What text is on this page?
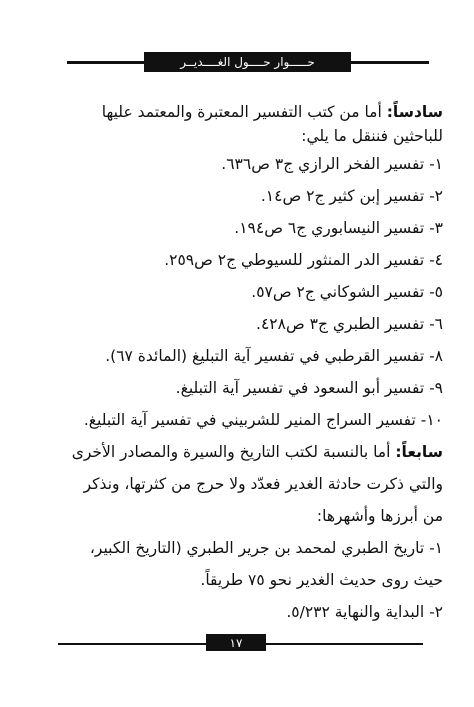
حـــــوار حــــول الغــــديــر

سادساً: أما من كتب التفسير المعتبرة والمعتمد عليها

للباحثين فننقل ما يلي:

١- تفسير الفخر الرازي ج٣ ص٦٣٦.

٢- تفسير إبن كثير ج٢ ص١٤.

٣- تفسير النيسابوري ج٦ ص١٩٤.

٤- تفسير الدر المنثور للسيوطي ج٢ ص٢٥٩.

٥- تفسير الشوكاني ج٢ ص٥٧.

٦- تفسير الطبري ج٣ ص٤٢٨.

٨- تفسير القرطبي في تفسير آية التبليغ (المائدة ٦٧).

٩- تفسير أبو السعود في تفسير آية التبليغ.

١٠- تفسير السراج المنير للشربيني في تفسير آية التبليغ.

سابعاً: أما بالنسبة لكتب التاريخ والسيرة والمصادر الأخرى

والتي ذكرت حادثة الغدير فعدّد ولا حرج من كثرتها، ونذكر

من أبرزها وأشهرها:

١- تاريخ الطبري لمحمد بن جرير الطبري (التاريخ الكبير،

حيث روى حديث الغدير نحو ٧٥ طريقاً.

٢- البداية والنهاية ٥/٢٣٢.

١٧
